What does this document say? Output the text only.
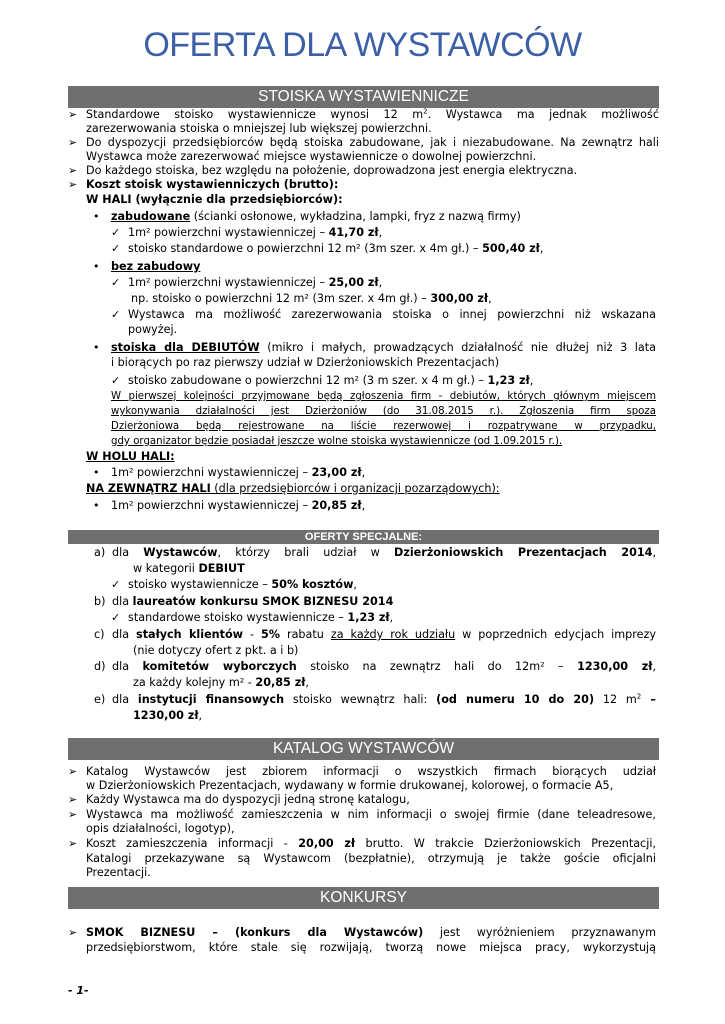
OFERTA DLA WYSTAWCÓW
STOISKA WYSTAWIENNICZE
➢ Standardowe stoisko wystawiennicze wynosi 12 $m^2$. Wystawca ma jednak możliwość
zarezerwowania stoiska o mniejszej lub większej powierzchni.
➢ Do dyspozycji przedsiębiorców będą stoiska zabudowane, jak i niezabudowane. Na zewnątrz hali
Wystawca może zarezerwować miejsce wystawiennicze o dowolnej powierzchni.
➢ Do każdego stoiska, bez względu na położenie, doprowadzona jest energia elektryczna.
➢ Koszt stoisk wystawienniczych (brutto):
W HALI (wyłącznie dla przedsiębiorców):
• zabudowane (ścianki osłonowe, wykładzina, lampki, fryz z nazwą firmy)
✓ 1m² powierzchni wystawienniczej – 41,70 zł,
✓ stoisko standardowe o powierzchni 12 m² (3m szer. x 4m gł.) – 500,40 zł,
• bez zabudowy
✓ 1m² powierzchni wystawienniczej – 25,00 zł,
np. stoisko o powierzchni 12 m² (3m szer. x 4m gł.) – 300,00 zł,
✓ Wystawca ma możliwość zarezerwowania stoiska o innej powierzchni niż wskazana
powyżej.
• stoiska dla DEBIUTÓW (mikro i małych, prowadzących działalność nie dłużej niż 3 lata
i biorących po raz pierwszy udział w Dzierżoniowskich Prezentacjach)
✓ stoisko zabudowane o powierzchni 12 m² (3 m szer. x 4 m gł.) – 1,23 zł,
W pierwszej kolejności przyjmowane będą zgłoszenia firm - debiutów, których głównym miejscem
wykonywania działalności jest Dzierżoniów (do 31.08.2015 r.). Zgłoszenia firm spoza
Dzierżoniowa będą rejestrowane na liście rezerwowej i rozpatrywane w przypadku,
gdy organizator będzie posiadał jeszcze wolne stoiska wystawiennicze (od 1.09.2015 r.).
W HOLU HALI:
• 1m² powierzchni wystawienniczej – 23,00 zł,
NA ZEWNĄTRZ HALI (dla przedsiębiorców i organizacji pozarządowych):
• 1m² powierzchni wystawienniczej – 20,85 zł,
OFERTY SPECJALNE:
a) dla Wystawców, którzy brali udział w Dzierżoniowskich Prezentacjach 2014,
w kategorii DEBIUT
✓ stoisko wystawiennicze – 50% kosztów,
b) dla laureatów konkursu SMOK BIZNESU 2014
✓ standardowe stoisko wystawiennicze – 1,23 zł,
c) dla stałych klientów - 5% rabatu za każdy rok udziału w poprzednich edycjach imprezy
(nie dotyczy ofert z pkt. a i b)
d) dla komitetów wyborczych stoisko na zewnątrz hali do 12m² – 1230,00 zł,
za każdy kolejny m² - 20,85 zł,
e) dla instytucji finansowych stoisko wewnątrz hali: (od numeru 10 do 20) 12 $m^2$ –
1230,00 zł,
KATALOG WYSTAWCÓW
➢ Katalog Wystawców jest zbiorem informacji o wszystkich firmach biorących udział
w Dzierżoniowskich Prezentacjach, wydawany w formie drukowanej, kolorowej, o formacie A5,
➢ Każdy Wystawca ma do dyspozycji jedną stronę katalogu,
➢ Wystawca ma możliwość zamieszczenia w nim informacji o swojej firmie (dane teleadresowe,
opis działalności, logotyp),
➢ Koszt zamieszczenia informacji - 20,00 zł brutto. W trakcie Dzierżoniowskich Prezentacji,
Katalogi przekazywane są Wystawcom (bezpłatnie), otrzymują je także goście oficjalni
Prezentacji.
KONKURSY
➢ SMOK BIZNESU – (konkurs dla Wystawców) jest wyróżnieniem przyznawanym
przedsiębiorstwom, które stale się rozwijają, tworzą nowe miejsca pracy, wykorzystują
- 1-
